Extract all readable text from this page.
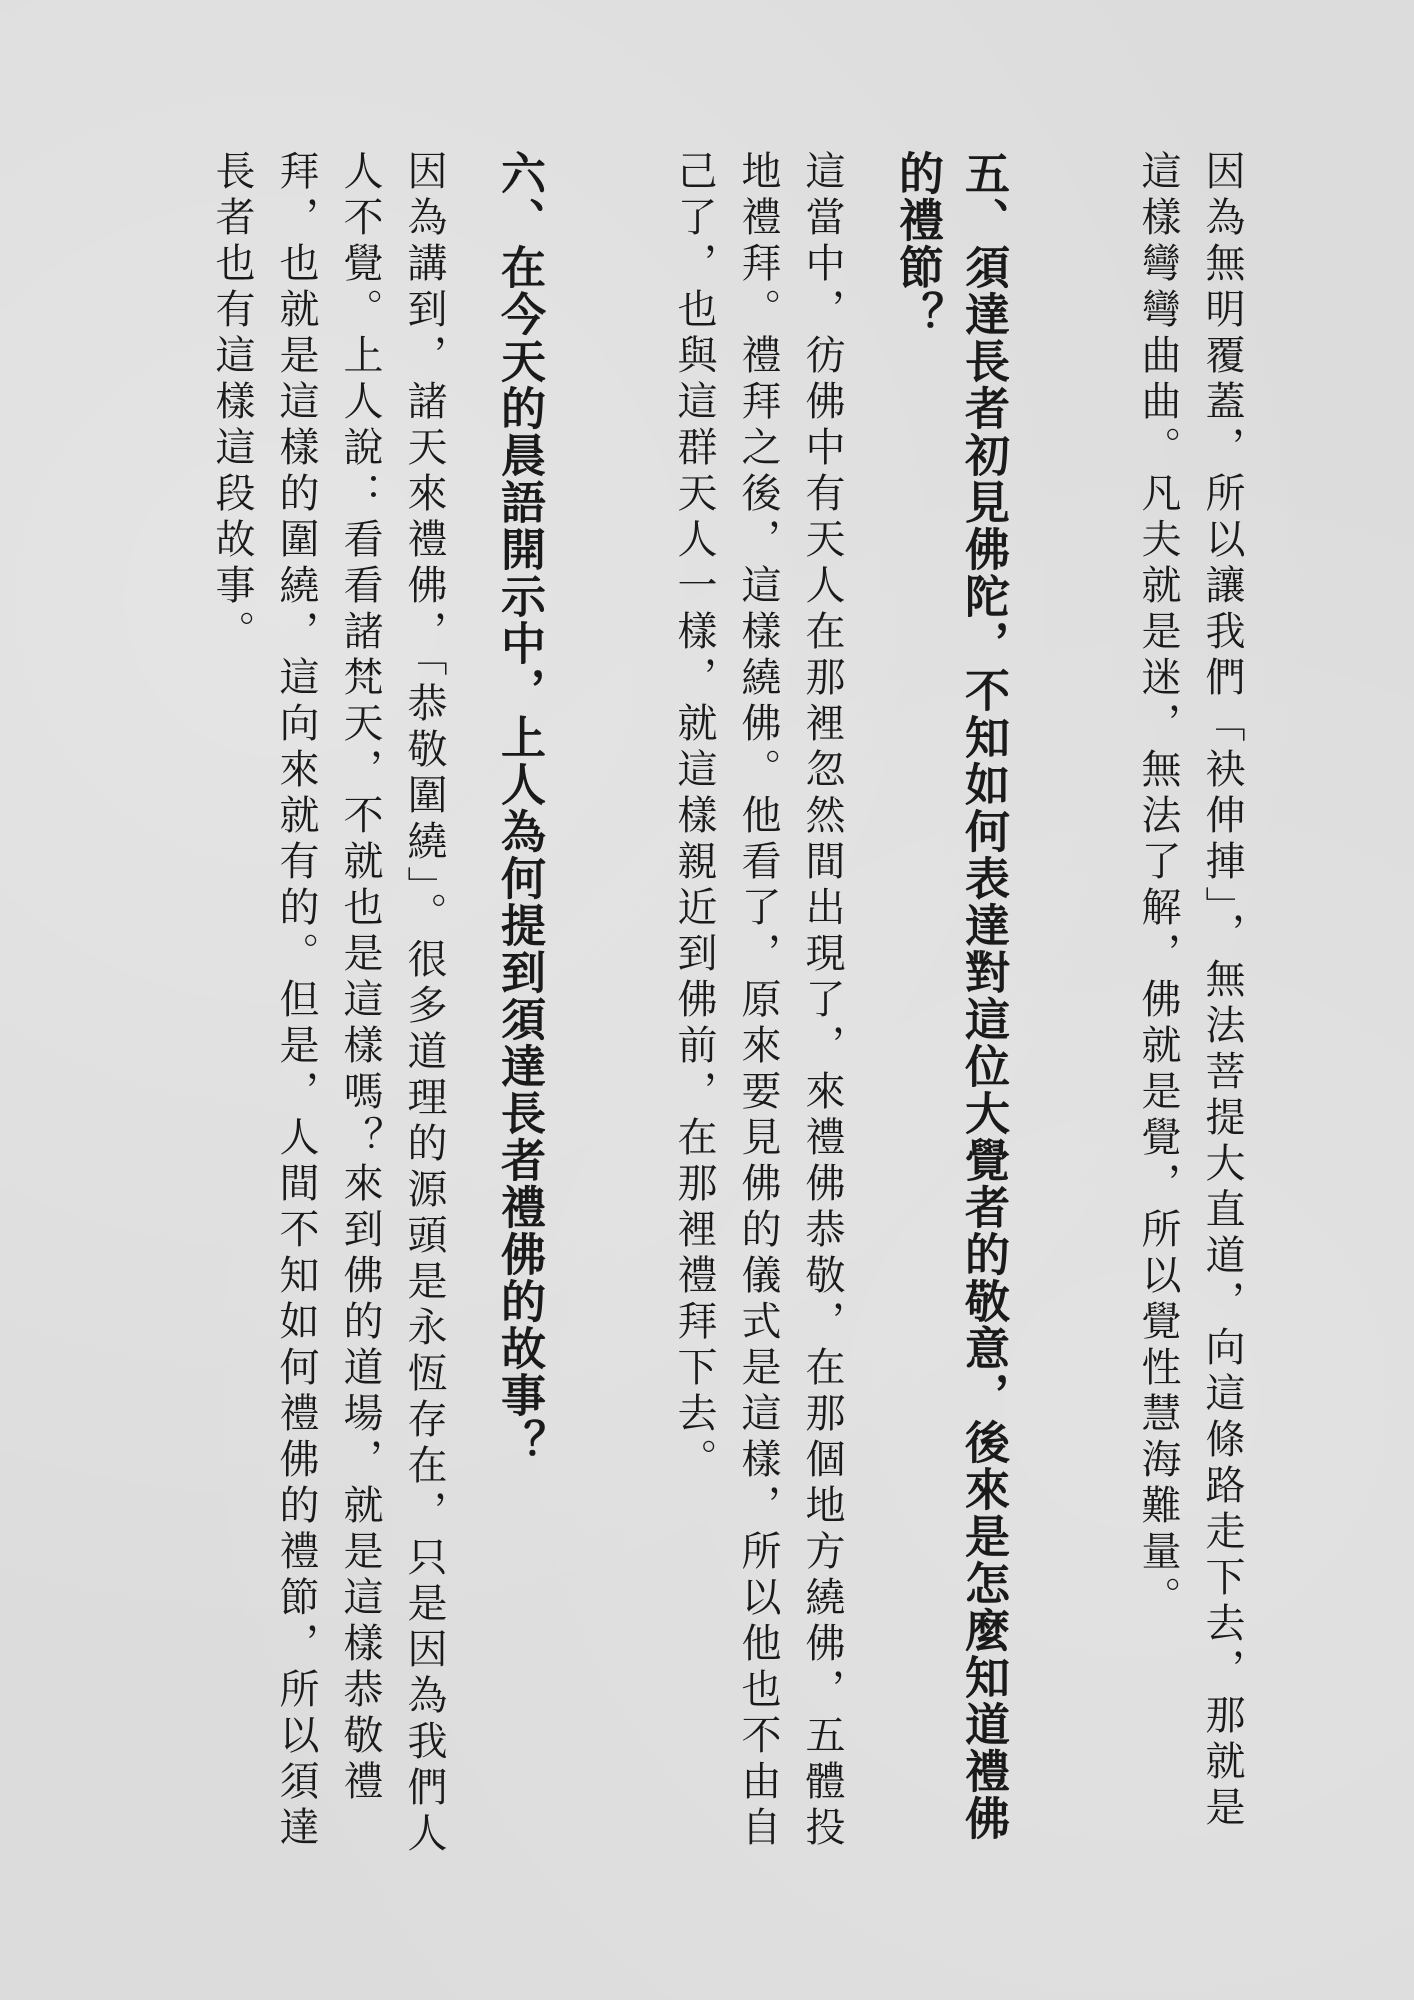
因為無明覆蓋，所以讓我們「袂伸捙」，無法菩提大直道，向這條路走下去，那就是這樣彎彎曲曲。凡夫就是迷，無法了解，佛就是覺，所以覺性慧海難量。
五、須達長者初見佛陀，不知如何表達對這位大覺者的敬意，後來是怎麼知道禮佛的禮節？
這當中，彷佛中有天人在那裡忽然間出現了，來禮佛恭敬，在那個地方繞佛，五體投地禮拜。禮拜之後，這樣繞佛。他看了，原來要見佛的儀式是這樣，所以他也不由自己了，也與這群天人一樣，就這樣親近到佛前，在那裡禮拜下去。
六、在今天的晨語開示中，上人為何提到須達長者禮佛的故事？
因為講到，諸天來禮佛，「恭敬圍繞」。很多道理的源頭是永恆存在，只是因為我們人人不覺。上人說：看看諸梵天，不就也是這樣嗎？來到佛的道場，就是這樣恭敬禮拜，也就是這樣的圍繞，這向來就有的。但是，人間不知如何禮佛的禮節，所以須達長者也有這樣這段故事。
